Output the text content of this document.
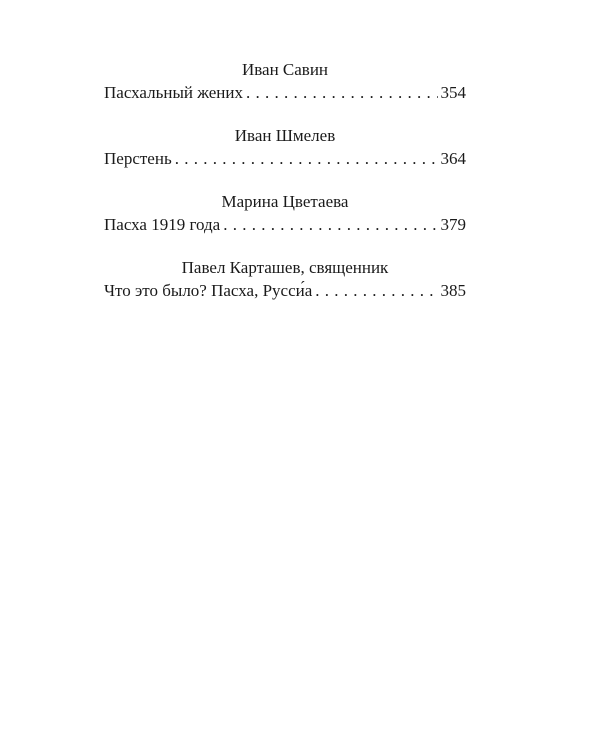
Иван Савин
Пасхальный жених . . .	354
Иван Шмелев
Перстень . . .	364
Марина Цветаева
Пасха 1919 года . . .	379
Павел Карташев, священник
Что это было? Пасха, Русси́а . . .	385
